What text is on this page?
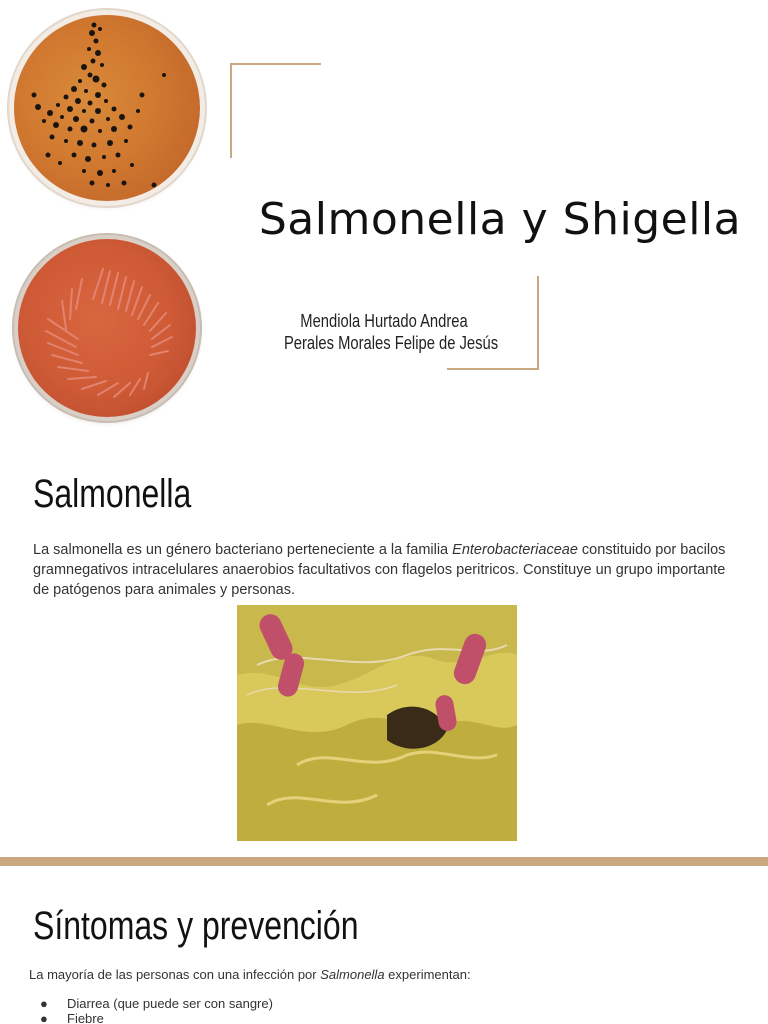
Salmonella y Shigella
Mendiola Hurtado Andrea
Perales Morales Felipe de Jesús
Salmonella

La salmonella es un género bacteriano perteneciente a la familia Enterobacteriaceae constituido por bacilos gramnegativos intracelulares anaerobios facultativos con flagelos peritricos. Constituye un grupo importante de patógenos para animales y personas.

Síntomas y prevención
La mayoría de las personas con una infección por Salmonella experimentan:
● Diarrea (que puede ser con sangre)
● Fiebre
